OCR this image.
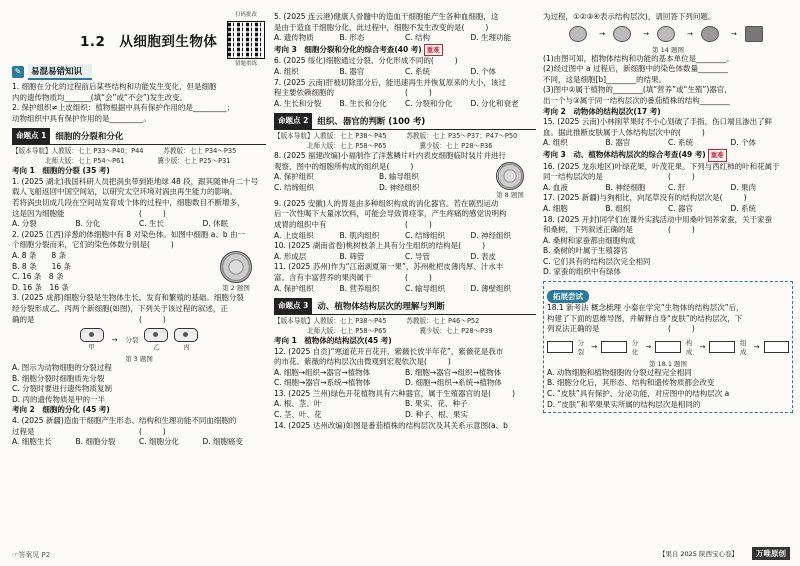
1.2　从细胞到生物体
扫码批改
错题重练
✎	易混易错知识

1. 细胞在分化的过程前后某些结构和功能发生变化，但是细胞

内的遗传物质均_______(填“会”或“不会”)发生改变。

2. 保护组织≠上皮组织：植物根据中具有保护作用的是_________；

动物组织中具有保护作用的是_________。

命题点 1	细胞的分裂和分化

【版本导航】人教版：七上 P33～P40；P44　　　苏教版：七上 P34～P35

　　　　　北师大版：七上 P54～P61　　　　　冀少版：七上 P25～P31

考向 1　细胞的分裂 (35 考)

1. (2025 湖北)我国科研人员把涡虫带到距地球 48 段，跟其随神舟二十号

载人飞船返回中国空间站，以研究太空环境对涡虫再生能力的影响。

若将涡虫切成几段在空间站发育成个体的过程中，细胞数目不断增多，

这是因为细胞能	(　　)

A. 分裂	B. 分化	C. 生长	D. 休眠

2. (2025 江西)洋葱的体细胞中有 8 对染色体。如图中细胞 a、b 由一

个细胞分裂而来，它们的染色体数分别是 (　　)

A. 8 条　　8 条

B. 8 条　　16 条

C. 16 条　8 条

D. 16 条　16 条	第 2 题图

3. (2025 成都)细胞分裂是生物体生长、发育和繁殖的基础。细胞分裂

经分裂形成乙、丙两个新细胞(如图)，下列关于该过程的叙述，正

确的是	(　　)
甲
→	分裂
乙	丙
第 3 题图

A. 图示为动物细胞的分裂过程

B. 细胞分裂时细胞质先分裂

C. 分裂时要进行遗传物质复制

D. 丙的遗传物质是甲的一半

考向 2　细胞的分化 (45 考)

4. (2025 新疆)造血干细胞产生形态、结构和生理功能不同血细胞的

过程是	(　　)

A. 细胞生长	B. 细胞分裂	C. 细胞分化	D. 细胞癌变

5. (2025 连云港)健康人骨髓中的造血干细胞能产生各种血细胞，这

是由于造血干细胞分化，此过程中，细胞不发生改变的是 (　　)

A. 遗传物质	B. 形态	C. 结构	D. 生理功能

考向 3　细胞分裂和分化的综合考查(40 考) 重难

6. (2025 绥化)细胞通过分裂、分化形成不同的 (　　)

A. 组织	B. 器官	C. 系统	D. 个体

7. (2025 云南)肝被切除部分后，能迅速再生并恢复原来的大小，该过

程主要依赖细胞的	(　　)

A. 生长和分裂	B. 生长和分化	C. 分裂和分化	D. 分化和衰老

命题点 2	组织、器官的判断 (100 考)

【版本导航】人教版：七上 P38～P45　　　苏教版：七上 P35～P37；P47～P50

　　　　　北师大版：七上 P58～P65　　　　　冀少版：七上 P28～P36

8. (2025 福建改编)小福制作了洋葱鳞片叶内表皮细胞临时装片并进行

观察，图中的细胞所构成的组织是 (　　)

A. 保护组织	B. 输导组织

C. 结缔组织	D. 神经组织

第 8 题图

9. (2025 安徽)人的胃是由多种组织构成的消化器官。若在剧烈运动

后一次性喝下大量冰饮料，可能会导致胃痉挛，产生疼痛的感觉说明构

成胃的组织中有	(　　)

A. 上皮组织	B. 肌肉组织	C. 结缔组织	D. 神经组织

10. (2025 湖南省卷)桃树枝条上具有分生组织的结构是 (　　)

A. 形成层	B. 筛管	C. 导管	D. 表皮

11. (2025 苏州)作为“江南剥夏第一果”，苏州枇杷皮薄肉厚、汁水丰

富。含有丰富营养的果肉属于	(　　)

A. 保护组织	B. 营养组织	C. 输导组织	D. 薄壁组织

命题点 3	动、植物体结构层次的理解与判断

【版本导航】人教版：七上 P38～P45　　　苏教版：七上 P46～P52

　　　　　北师大版：七上 P58～P65　　　　　冀少版：七上 P28～P39

考向 1　植物体的结构层次(45 考)

12. (2025 自贡)“寒道花开百花开，紫薇长放半年花”，紫薇花是我市

的市花。紫薇的结构层次由微观到宏观依次是 (　　)

A. 细胞→组织→器官→植物体	B. 细胞→器官→组织→植物体

C. 细胞→器官→系统→植物体	D. 细胞→组织→系统→植物体

13. (2025 兰州)绿色开花植物具有六种器官，属于生殖器官的是 (　　)

A. 根、茎、叶	B. 果实、花、种子

C. 茎、叶、花	D. 种子、根、果实

14. (2025 达州改编)如图是番茄植株的结构层次及其关系示意图(a、b

为过程，①②③④表示结构层次)，请回答下列问题。

→	→	→	→
第 14 题图

(1)由图可知，植物体结构和功能的基本单位是________。

(2)经过图中 a 过程后，新细胞中的染色体数量________

不同，这是细胞[b]________的结果。

(3)图中②属于植物的________(填“营养”或“生殖”)器官，

出一个与③属于同一结构层次的番茄植株的结构________

考向 2　动物体的结构层次(17 考)

15. (2025 云南)小林削苹果时不小心划破了手指，伤口端且渗出了鲜

血。据此推断皮肤属于人体结构层次中的 (　　)

A. 组织	B. 器官	C. 系统	D. 个体

考向 3　动、植物体结构层次的综合考查(49 考) 重难

16. (2025 龙东地区)叶绿花果，叶茂花果。下列与西红柿的叶和花属于

同一结构层次的是	(　　)

A. 血液	B. 神经细胞	C. 肝	D. 果肉

17. (2025 新疆)与狗相比，向尾草没有的结构层次是 (　　)

A. 细胞	B. 组织	C. 器官	D. 系统

18. (2025 开封)同学们在课外实践活动中用桑叶饲养家蚕，关于家蚕

和桑树，下列叙述正确的是	(　　)

A. 桑树和家蚕都由细胞构成

B. 桑树的叶属于生殖器官

C. 它们具有的结构层次完全相同

D. 家蚕的组织中有绿体

拓展尝试

18.1 新考法 概念梳理 小泰在学完“生物体的结构层次”后，

构建了下面的思维导图，并解释自身“皮肤”的结构层次，下

列说法正确的是	(　　)
分裂
→	分化
→	构成
→	组成
→
第 18.1 题图

A. 动物细胞和植物细胞的分裂过程完全相同

B. 细胞分化后，其形态、结构和遗传物质都会改变

C. “皮肤”具有保护、分泌功能，对应图中的结构层次 a

D. “皮肤”和苹果果实所属的结构层次是相同的

☞答案见 P2	【果自 2025 陕西宝心卷】	万唯原创
